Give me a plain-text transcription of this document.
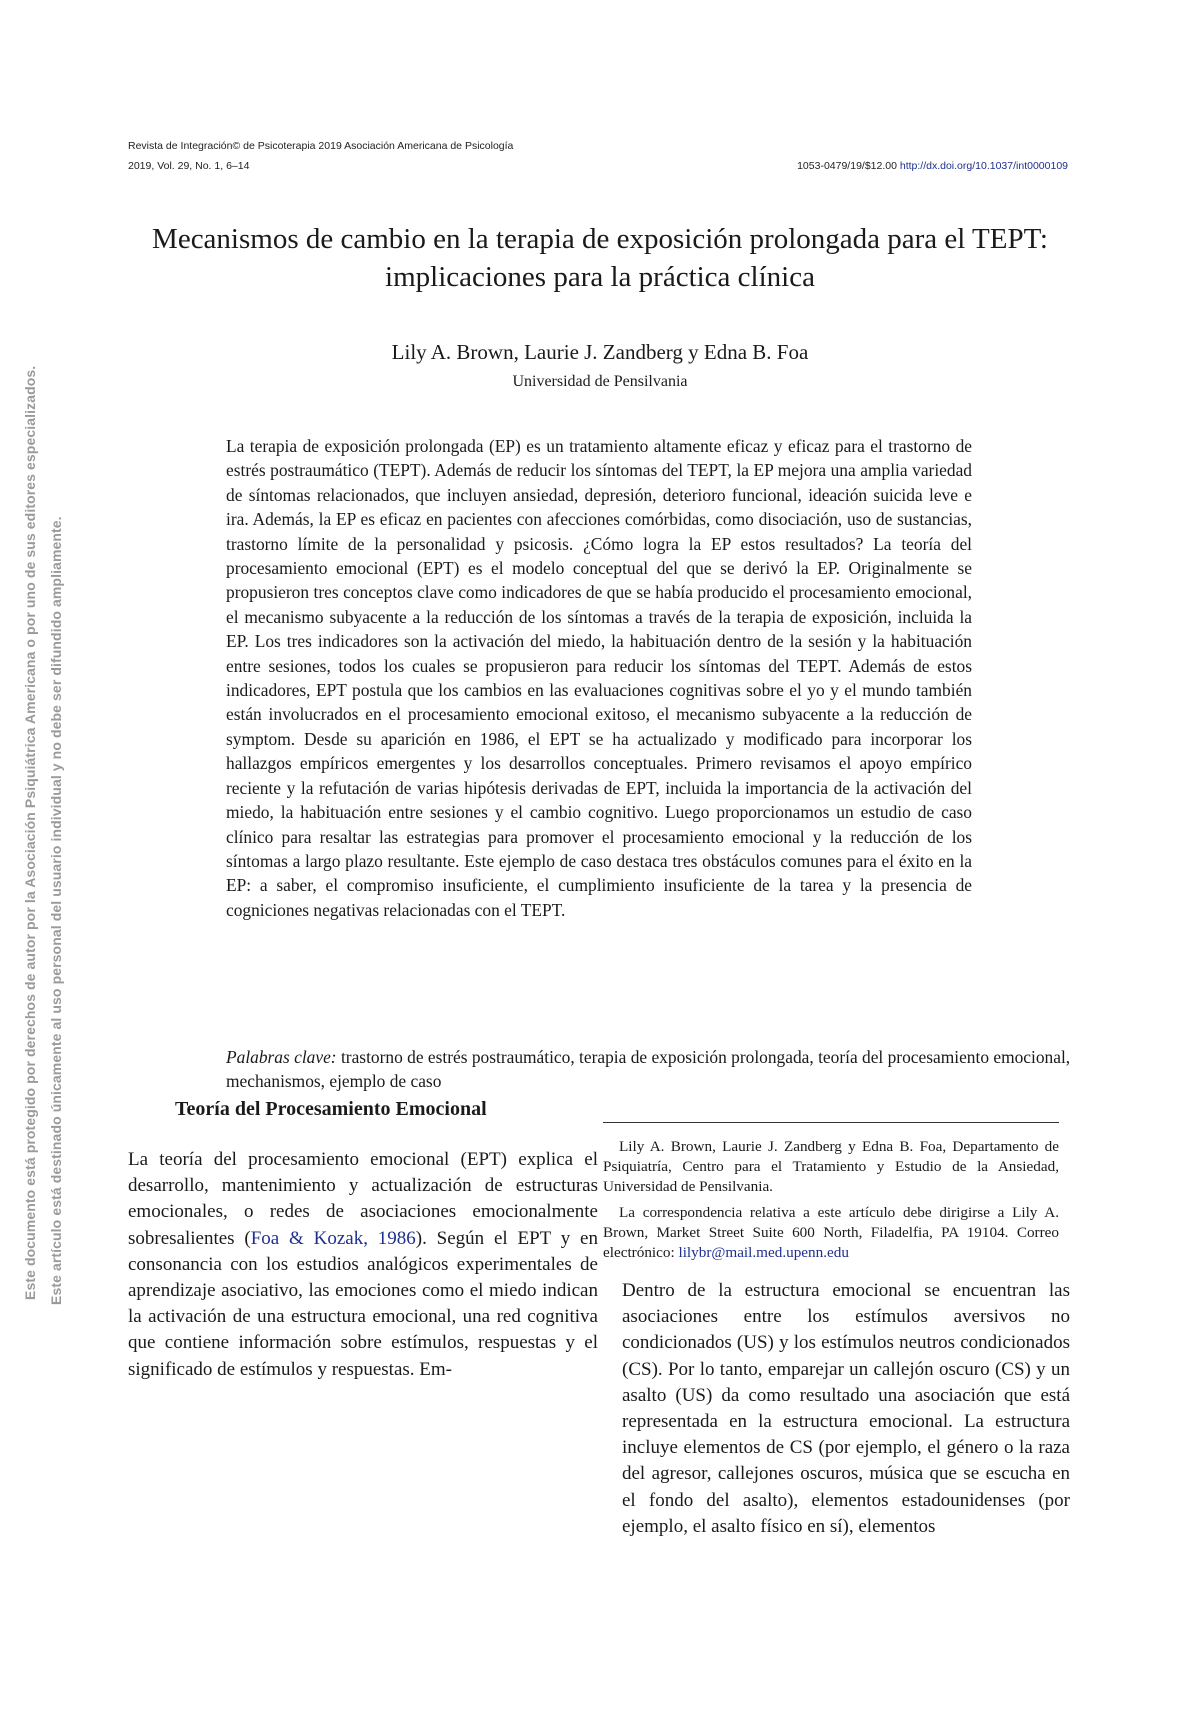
Este documento está protegido por derechos de autor por la Asociación Psiquiátrica Americana o por uno de sus editores especializados. Este artículo está destinado únicamente al uso personal del usuario individual y no debe ser difundido ampliamente.
Revista de Integración© de Psicoterapia 2019 Asociación Americana de Psicología
2019, Vol. 29, No. 1, 6–14	1053-0479/19/$12.00 http://dx.doi.org/10.1037/int0000109
Mecanismos de cambio en la terapia de exposición prolongada para el TEPT: implicaciones para la práctica clínica
Lily A. Brown, Laurie J. Zandberg y Edna B. Foa
Universidad de Pensilvania

La terapia de exposición prolongada (EP) es un tratamiento altamente eficaz y eficaz para el trastorno de estrés postraumático (TEPT). Además de reducir los síntomas del TEPT, la EP mejora una amplia variedad de síntomas relacionados, que incluyen ansiedad, depresión, deterioro funcional, ideación suicida leve e ira. Además, la EP es eficaz en pacientes con afecciones comórbidas, como disociación, uso de sustancias, trastorno límite de la personalidad y psicosis. ¿Cómo logra la EP estos resultados? La teoría del procesamiento emocional (EPT) es el modelo conceptual del que se derivó la EP. Originalmente se propusieron tres conceptos clave como indicadores de que se había producido el procesamiento emocional, el mecanismo subyacente a la reducción de los síntomas a través de la terapia de exposición, incluida la EP. Los tres indicadores son la activación del miedo, la habituación dentro de la sesión y la habituación entre sesiones, todos los cuales se propusieron para reducir los síntomas del TEPT. Además de estos indicadores, EPT postula que los cambios en las evaluaciones cognitivas sobre el yo y el mundo también están involucrados en el procesamiento emocional exitoso, el mecanismo subyacente a la reducción de symptom. Desde su aparición en 1986, el EPT se ha actualizado y modificado para incorporar los hallazgos empíricos emergentes y los desarrollos conceptuales. Primero revisamos el apoyo empírico reciente y la refutación de varias hipótesis derivadas de EPT, incluida la importancia de la activación del miedo, la habituación entre sesiones y el cambio cognitivo. Luego proporcionamos un estudio de caso clínico para resaltar las estrategias para promover el procesamiento emocional y la reducción de los síntomas a largo plazo resultante. Este ejemplo de caso destaca tres obstáculos comunes para el éxito en la EP: a saber, el compromiso insuficiente, el cumplimiento insuficiente de la tarea y la presencia de cogniciones negativas relacionadas con el TEPT.

Palabras clave: trastorno de estrés postraumático, terapia de exposición prolongada, teoría del procesamiento emocional, mechanismos, ejemplo de caso

Teoría del Procesamiento Emocional

La teoría del procesamiento emocional (EPT) explica el desarrollo, mantenimiento y actualización de estructuras emocionales, o redes de asociaciones emocionalmente sobresalientes (Foa & Kozak, 1986). Según el EPT y en consonancia con los estudios analógicos experimentales de aprendizaje asociativo, las emociones como el miedo indican la activación de una estructura emocional, una red cognitiva que contiene información sobre estímulos, respuestas y el significado de estímulos y respuestas. Em-

Lily A. Brown, Laurie J. Zandberg y Edna B. Foa, Departamento de Psiquiatría, Centro para el Tratamiento y Estudio de la Ansiedad, Universidad de Pensilvania.

La correspondencia relativa a este artículo debe dirigirse a Lily A. Brown, Market Street Suite 600 North, Filadelfia, PA 19104. Correo electrónico: lilybr@mail.med.upenn.edu

Dentro de la estructura emocional se encuentran las asociaciones entre los estímulos aversivos no condicionados (US) y los estímulos neutros condicionados (CS). Por lo tanto, emparejar un callejón oscuro (CS) y un asalto (US) da como resultado una asociación que está representada en la estructura emocional. La estructura incluye elementos de CS (por ejemplo, el género o la raza del agresor, callejones oscuros, música que se escucha en el fondo del asalto), elementos estadounidenses (por ejemplo, el asalto físico en sí), elementos
